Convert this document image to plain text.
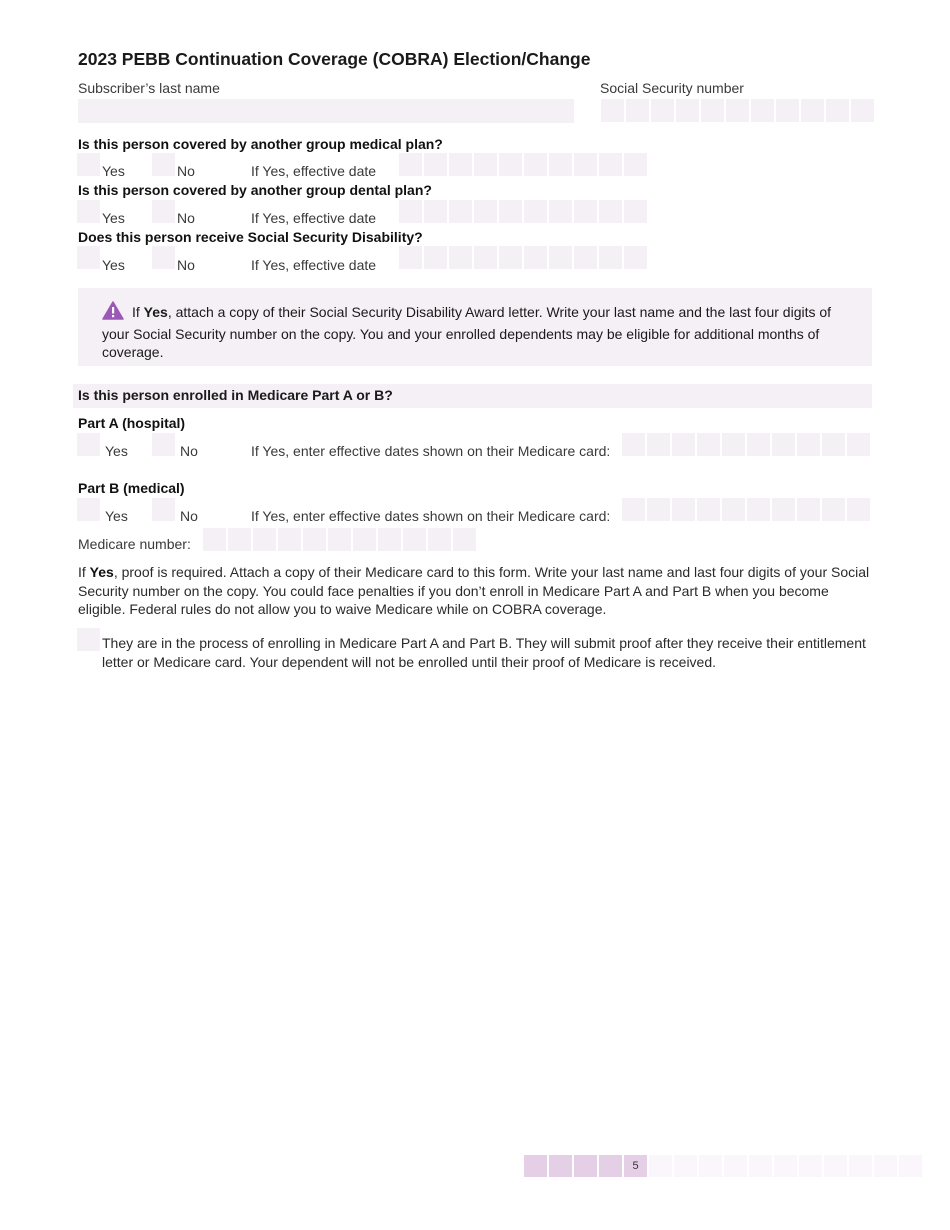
2023 PEBB Continuation Coverage (COBRA) Election/Change
Subscriber’s last name	Social Security number
Is this person covered by another group medical plan?
Yes	No	If Yes, effective date
Is this person covered by another group dental plan?
Yes	No	If Yes, effective date
Does this person receive Social Security Disability?
Yes	No	If Yes, effective date
If Yes, attach a copy of their Social Security Disability Award letter. Write your last name and the last four digits of your Social Security number on the copy. You and your enrolled dependents may be eligible for additional months of coverage.
Is this person enrolled in Medicare Part A or B?
Part A (hospital)
Yes	No	If Yes, enter effective dates shown on their Medicare card:
Part B (medical)
Yes	No	If Yes, enter effective dates shown on their Medicare card:
Medicare number:
If Yes, proof is required. Attach a copy of their Medicare card to this form. Write your last name and last four digits of your Social Security number on the copy. You could face penalties if you don’t enroll in Medicare Part A and Part B when you become eligible. Federal rules do not allow you to waive Medicare while on COBRA coverage.
They are in the process of enrolling in Medicare Part A and Part B. They will submit proof after they receive their entitlement letter or Medicare card. Your dependent will not be enrolled until their proof of Medicare is received.
5
